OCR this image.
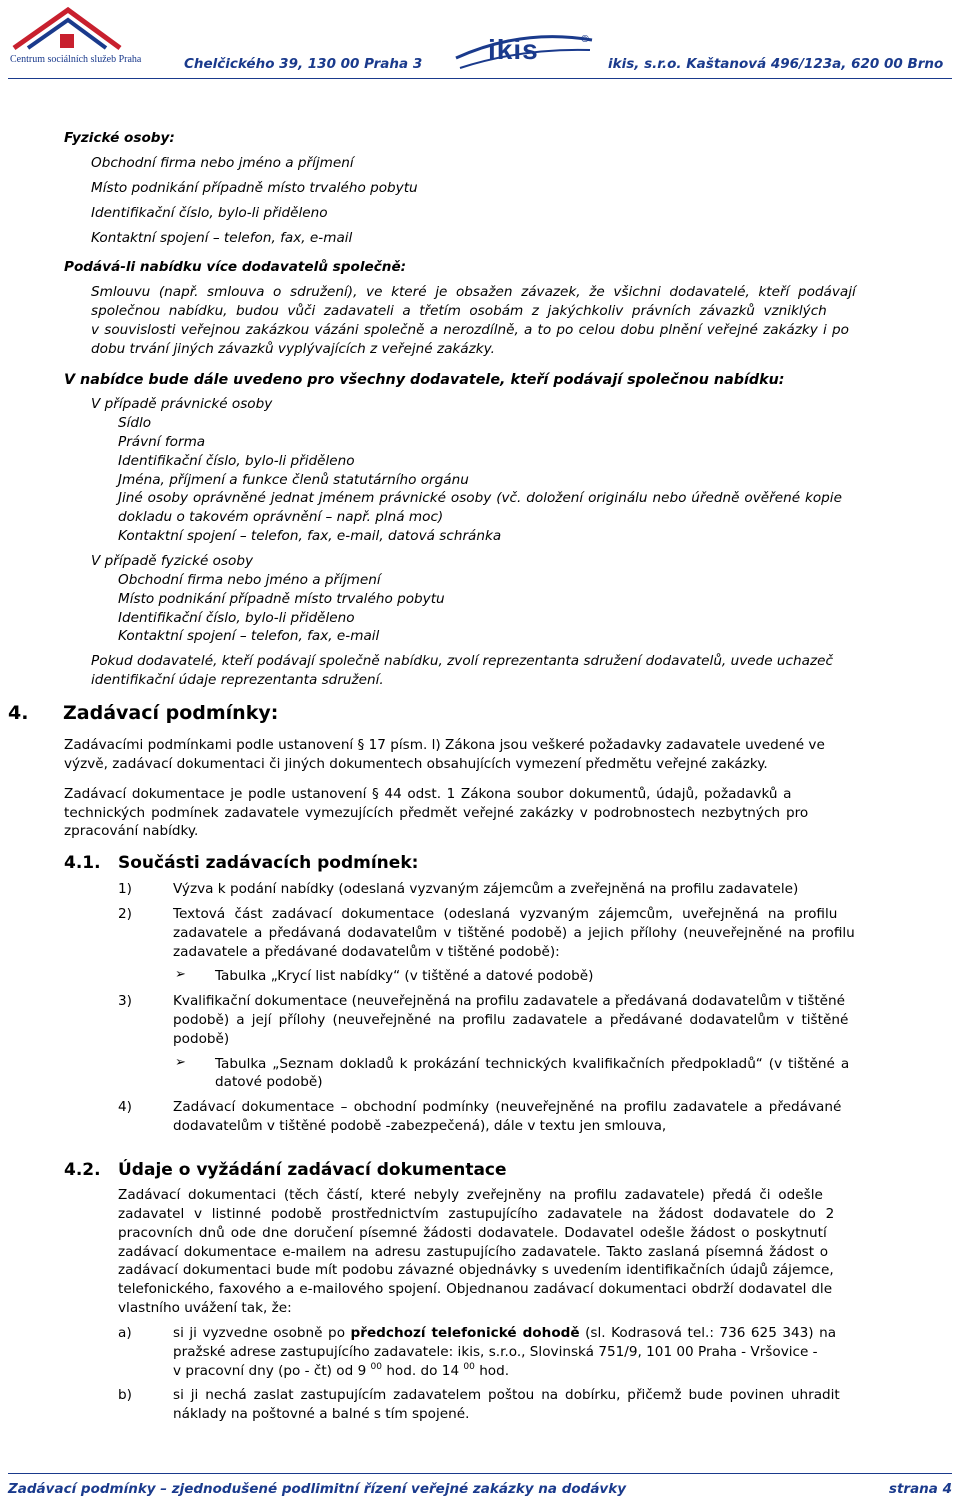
Centrum sociálních služeb Praha	Chelčického 39, 130 00 Praha 3 ikis	®
ikis, s.r.o. Kaštanová 496/123a, 620 00 Brno
Fyzické osoby:
Obchodní firma nebo jméno a příjmení
Místo podnikání případně místo trvalého pobytu
Identifikační číslo, bylo-li přiděleno
Kontaktní spojení – telefon, fax, e-mail
Podává-li nabídku více dodavatelů společně:
Smlouvu (např. smlouva o sdružení), ve které je obsažen závazek, že všichni dodavatelé, kteří podávají
společnou nabídku, budou vůči zadavateli a třetím osobám z jakýchkoliv právních závazků vzniklých
v souvislosti veřejnou zakázkou vázáni společně a nerozdílně, a to po celou dobu plnění veřejné zakázky i po
dobu trvání jiných závazků vyplývajících z veřejné zakázky.
V nabídce bude dále uvedeno pro všechny dodavatele, kteří podávají společnou nabídku:
V případě právnické osoby
Sídlo
Právní forma
Identifikační číslo, bylo-li přiděleno
Jména, příjmení a funkce členů statutárního orgánu
Jiné osoby oprávněné jednat jménem právnické osoby (vč. doložení originálu nebo úředně ověřené kopie
dokladu o takovém oprávnění – např. plná moc)
Kontaktní spojení – telefon, fax, e-mail, datová schránka
V případě fyzické osoby
Obchodní firma nebo jméno a příjmení
Místo podnikání případně místo trvalého pobytu
Identifikační číslo, bylo-li přiděleno
Kontaktní spojení – telefon, fax, e-mail
Pokud dodavatelé, kteří podávají společně nabídku, zvolí reprezentanta sdružení dodavatelů, uvede uchazeč
identifikační údaje reprezentanta sdružení.
4. Zadávací podmínky:
Zadávacími podmínkami podle ustanovení § 17 písm. l) Zákona jsou veškeré požadavky zadavatele uvedené ve
výzvě, zadávací dokumentaci či jiných dokumentech obsahujících vymezení předmětu veřejné zakázky.
Zadávací dokumentace je podle ustanovení § 44 odst. 1 Zákona soubor dokumentů, údajů, požadavků a
technických podmínek zadavatele vymezujících předmět veřejné zakázky v podrobnostech nezbytných pro
zpracování nabídky.
4.1. Součásti zadávacích podmínek:
1)	Výzva k podání nabídky (odeslaná vyzvaným zájemcům a zveřejněná na profilu zadavatele)
2)	Textová část zadávací dokumentace (odeslaná vyzvaným zájemcům, uveřejněná na profilu
zadavatele a předávaná dodavatelům v tištěné podobě) a jejich přílohy (neuveřejněné na profilu
zadavatele a předávané dodavatelům v tištěné podobě):
➢ Tabulka „Krycí list nabídky“ (v tištěné a datové podobě)
3)	Kvalifikační dokumentace (neuveřejněná na profilu zadavatele a předávaná dodavatelům v tištěné
podobě) a její přílohy (neuveřejněné na profilu zadavatele a předávané dodavatelům v tištěné
podobě)
➢ Tabulka „Seznam dokladů k prokázání technických kvalifikačních předpokladů“ (v tištěné a
datové podobě)
4)	Zadávací dokumentace – obchodní podmínky (neuveřejněné na profilu zadavatele a předávané
dodavatelům v tištěné podobě -zabezpečená), dále v textu jen smlouva,
4.2. Údaje o vyžádání zadávací dokumentace
Zadávací dokumentaci (těch částí, které nebyly zveřejněny na profilu zadavatele) předá či odešle
zadavatel v listinné podobě prostřednictvím zastupujícího zadavatele na žádost dodavatele do 2
pracovních dnů ode dne doručení písemné žádosti dodavatele. Dodavatel odešle žádost o poskytnutí
zadávací dokumentace e-mailem na adresu zastupujícího zadavatele. Takto zaslaná písemná žádost o
zadávací dokumentaci bude mít podobu závazné objednávky s uvedením identifikačních údajů zájemce,
telefonického, faxového a e-mailového spojení. Objednanou zadávací dokumentaci obdrží dodavatel dle
vlastního uvážení tak, že:
a)	si ji vyzvedne osobně po předchozí telefonické dohodě (sl. Kodrasová tel.: 736 625 343) na
pražské adrese zastupujícího zadavatele: ikis, s.r.o., Slovinská 751/9, 101 00 Praha - Vršovice -
v pracovní dny (po - čt) od 9 $^{00}$ hod. do 14 $^{00}$ hod.
b)	si ji nechá zaslat zastupujícím zadavatelem poštou na dobírku, přičemž bude povinen uhradit
náklady na poštovné a balné s tím spojené.
Zadávací podmínky – zjednodušené podlimitní řízení veřejné zakázky na dodávky	strana 4
